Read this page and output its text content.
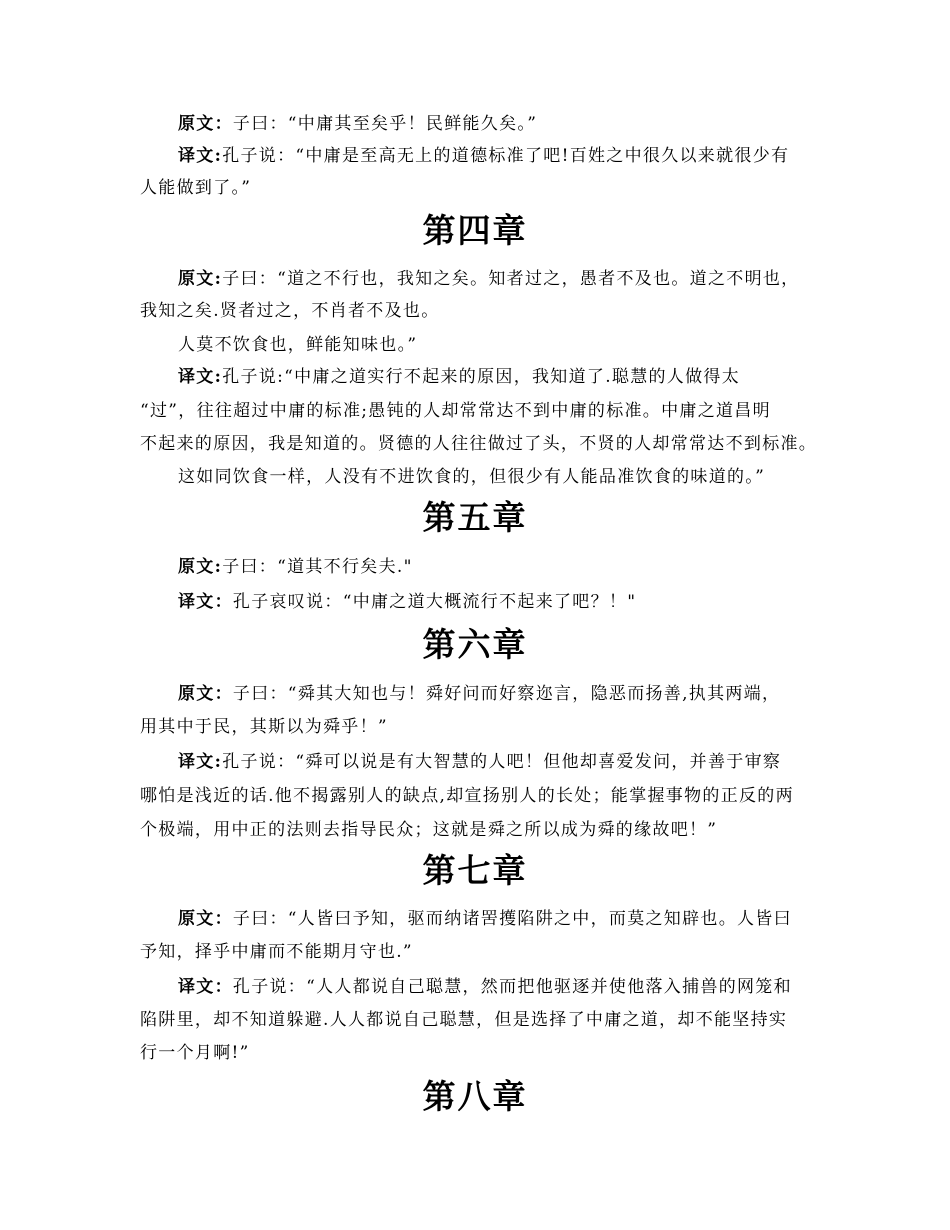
原文：子曰：“中庸其至矣乎！民鲜能久矣。”
译文:孔子说：“中庸是至高无上的道德标准了吧!百姓之中很久以来就很少有
人能做到了。”
第四章
原文:子曰：“道之不行也，我知之矣。知者过之，愚者不及也。道之不明也，
我知之矣.贤者过之，不肖者不及也。
人莫不饮食也，鲜能知味也。”
译文:孔子说:“中庸之道实行不起来的原因，我知道了.聪慧的人做得太
“过”，往往超过中庸的标准;愚钝的人却常常达不到中庸的标准。中庸之道昌明
不起来的原因，我是知道的。贤德的人往往做过了头，不贤的人却常常达不到标准。
这如同饮食一样，人没有不进饮食的，但很少有人能品准饮食的味道的。”
第五章
原文:子曰：“道其不行矣夫."
译文：孔子哀叹说：“中庸之道大概流行不起来了吧？！"
第六章
原文：子曰：“舜其大知也与！舜好问而好察迩言，隐恶而扬善,执其两端，
用其中于民，其斯以为舜乎！”
译文:孔子说：“舜可以说是有大智慧的人吧！但他却喜爱发问，并善于审察
哪怕是浅近的话.他不揭露别人的缺点,却宣扬别人的长处；能掌握事物的正反的两
个极端，用中正的法则去指导民众；这就是舜之所以成为舜的缘故吧！”
第七章
原文：子曰：“人皆曰予知，驱而纳诸罟擭陷阱之中，而莫之知辟也。人皆曰
予知，择乎中庸而不能期月守也.”
译文：孔子说：“人人都说自己聪慧，然而把他驱逐并使他落入捕兽的网笼和
陷阱里，却不知道躲避.人人都说自己聪慧，但是选择了中庸之道，却不能坚持实
行一个月啊!”
第八章
